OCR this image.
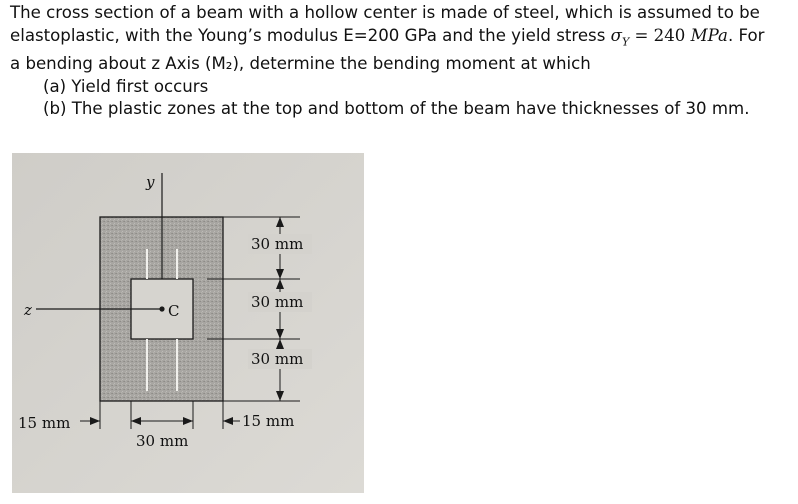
The cross section of a beam with a hollow center is made of steel, which is assumed to be

elastoplastic, with the Young’s modulus E=200 GPa and the yield stress $\sigma_Y = 240$ MPa. For

a bending about z Axis (M₂), determine the bending moment at which

(a) Yield first occurs

(b) The plastic zones at the top and bottom of the beam have thicknesses of 30 mm.

y
z	C
30 mm
30 mm
30 mm
15 mm
30 mm
15 mm
